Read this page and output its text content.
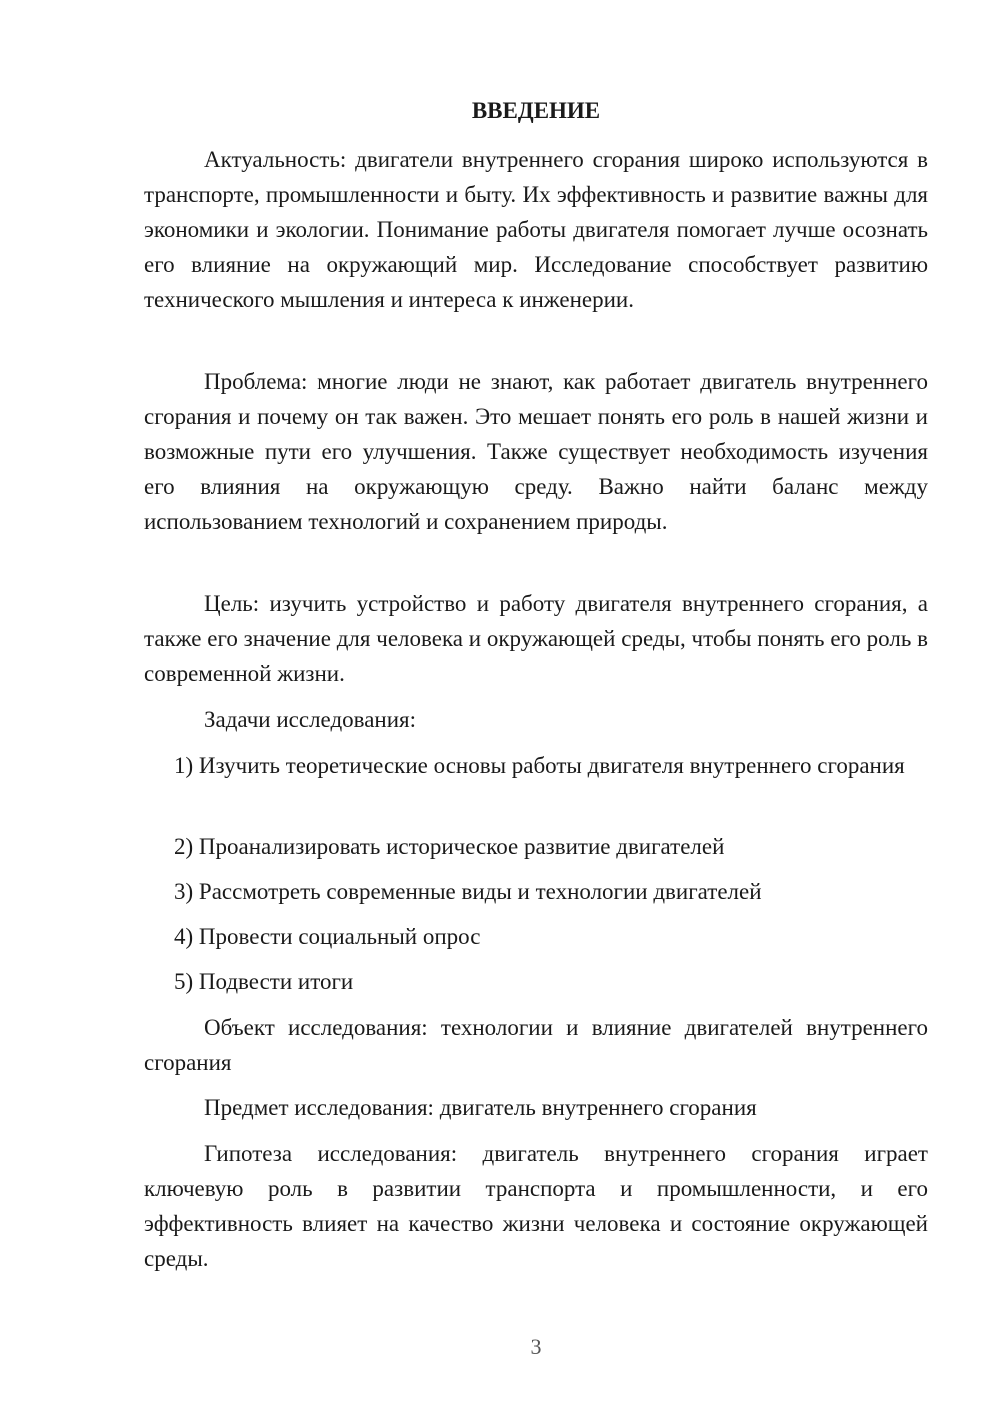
ВВЕДЕНИЕ

Актуальность: двигатели внутреннего сгорания широко используются в транспорте, промышленности и быту. Их эффективность и развитие важны для экономики и экологии. Понимание работы двигателя помогает лучше осознать его влияние на окружающий мир. Исследование способствует развитию технического мышления и интереса к инженерии.

Проблема: многие люди не знают, как работает двигатель внутреннего сгорания и почему он так важен. Это мешает понять его роль в нашей жизни и возможные пути его улучшения. Также существует необходимость изучения его влияния на окружающую среду. Важно найти баланс между использованием технологий и сохранением природы.

Цель: изучить устройство и работу двигателя внутреннего сгорания, а также его значение для человека и окружающей среды, чтобы понять его роль в современной жизни.

Задачи исследования:

1) Изучить теоретические основы работы двигателя внутреннего сгорания

2) Проанализировать историческое развитие двигателей

3) Рассмотреть современные виды и технологии двигателей

4) Провести социальный опрос

5) Подвести итоги

Объект исследования: технологии и влияние двигателей внутреннего сгорания

Предмет исследования: двигатель внутреннего сгорания

Гипотеза исследования: двигатель внутреннего сгорания играет ключевую роль в развитии транспорта и промышленности, и его эффективность влияет на качество жизни человека и состояние окружающей среды.

3
